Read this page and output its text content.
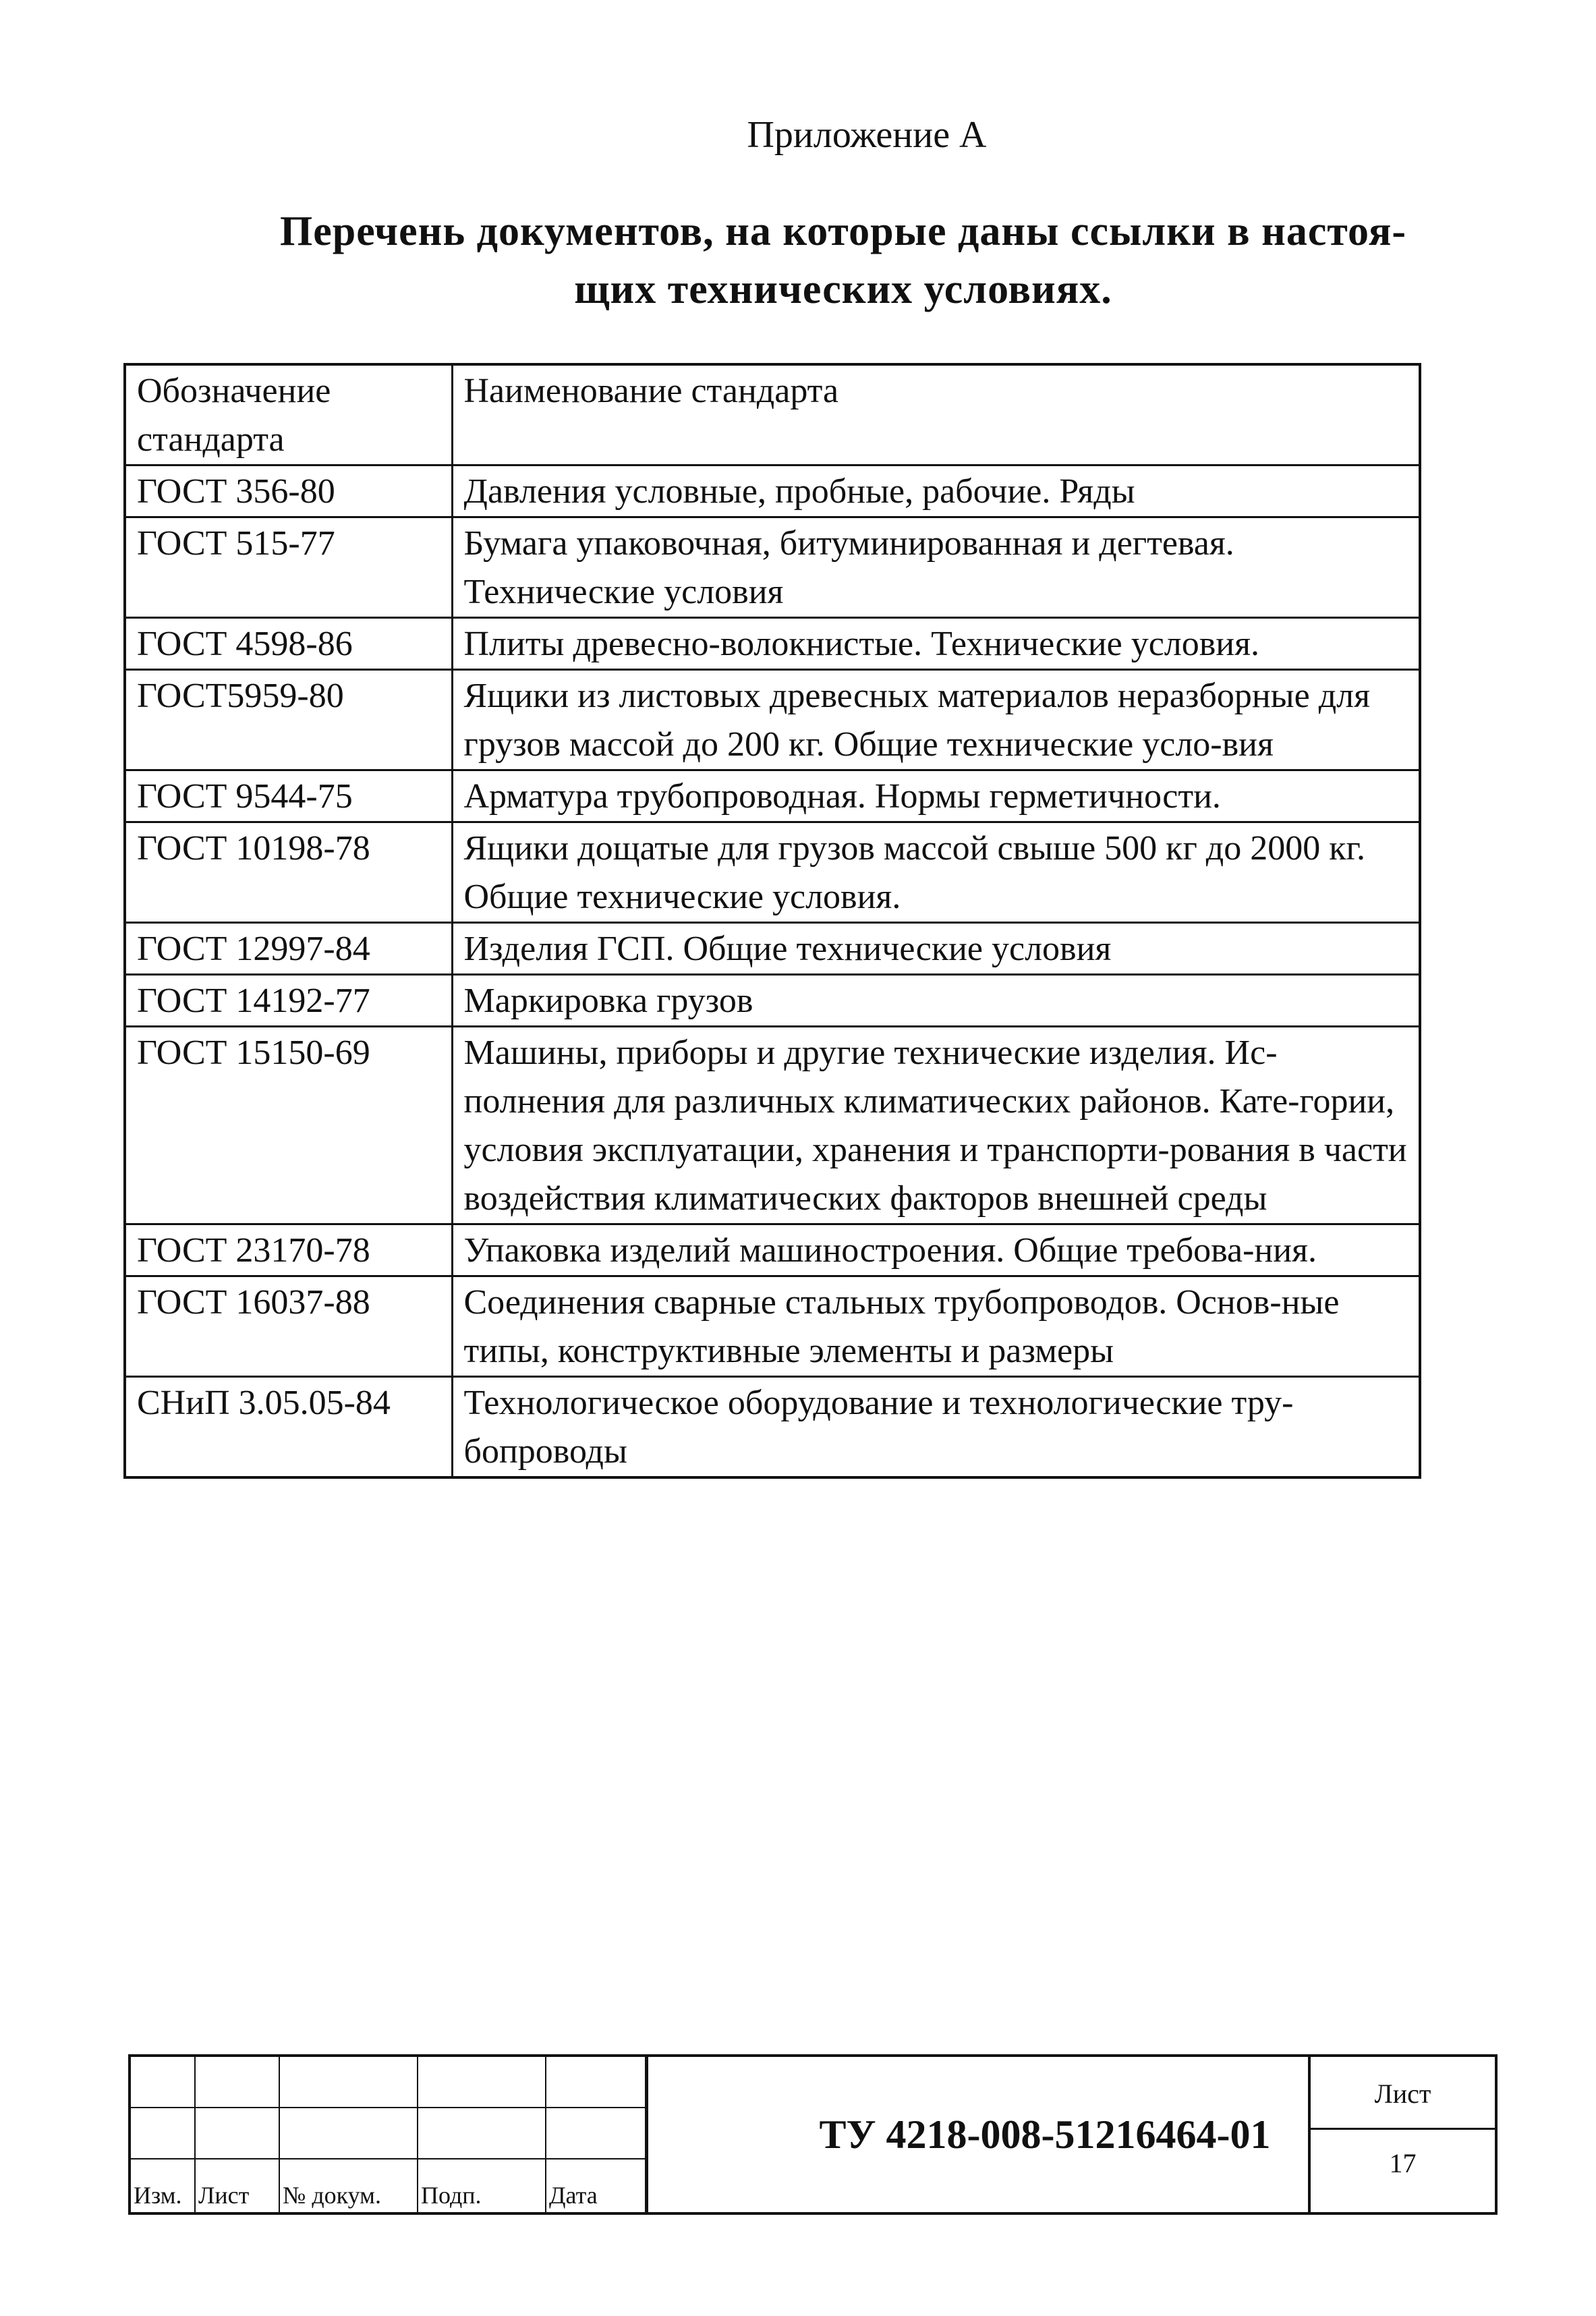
Приложение А
Перечень документов, на которые даны ссылки в настоя-
щих технических условиях.
Обозначение стандарта	Наименование стандарта
ГОСТ 356-80	Давления условные, пробные, рабочие. Ряды
ГОСТ 515-77	Бумага упаковочная, битуминированная и дегтевая. Технические условия
ГОСТ 4598-86	Плиты древесно-волокнистые. Технические условия.
ГОСТ5959-80	Ящики из листовых древесных материалов неразборные для грузов массой до 200 кг. Общие технические усло-вия
ГОСТ 9544-75	Арматура трубопроводная. Нормы герметичности.
ГОСТ 10198-78	Ящики дощатые для грузов массой свыше 500 кг до 2000 кг. Общие технические условия.
ГОСТ 12997-84	Изделия ГСП. Общие технические условия
ГОСТ 14192-77	Маркировка грузов
ГОСТ 15150-69	Машины, приборы и другие технические изделия. Ис-полнения для различных климатических районов. Кате-гории, условия эксплуатации, хранения и транспорти-рования в части воздействия климатических факторов внешней среды
ГОСТ 23170-78	Упаковка изделий машиностроения. Общие требова-ния.
ГОСТ 16037-88	Соединения сварные стальных трубопроводов. Основ-ные типы, конструктивные элементы и размеры
СНиП 3.05.05-84	Технологическое оборудование и технологические тру-бопроводы

Изм.	Лист	№ докум.	Подп.	Дата
ТУ 4218-008-51216464-01
Лист
17
